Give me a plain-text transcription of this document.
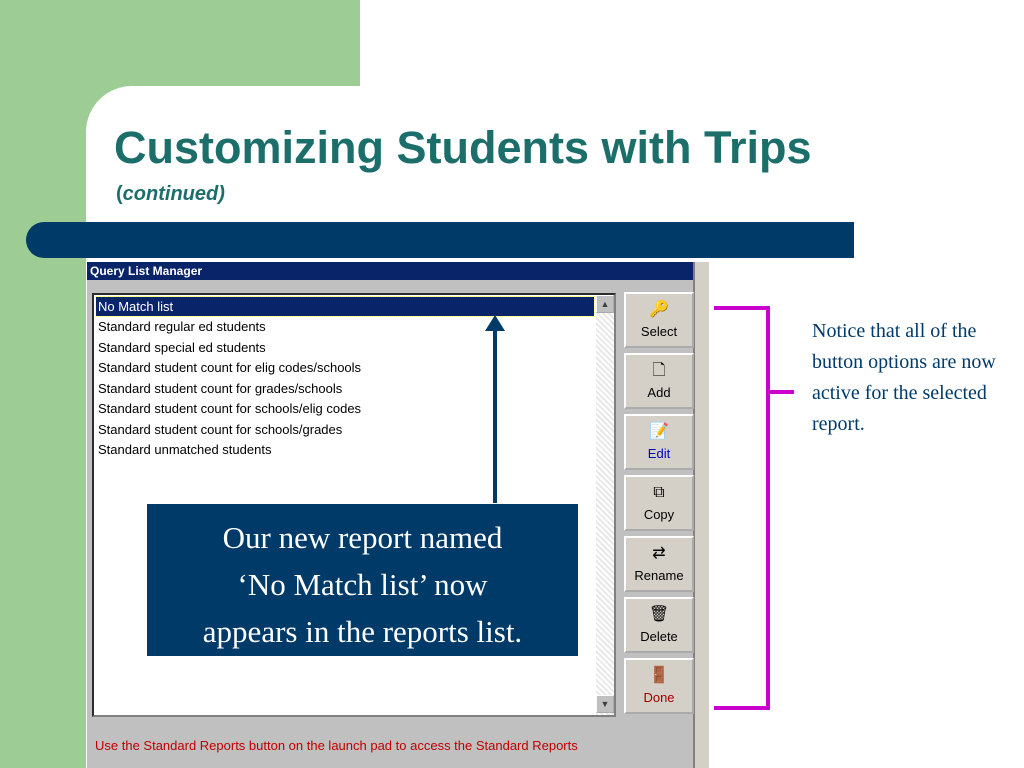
Customizing Students with Trips
(continued)
Query List Manager
No Match list
Standard regular ed students
Standard special ed students
Standard student count for elig codes/schools
Standard student count for grades/schools
Standard student count for schools/elig codes
Standard student count for schools/grades
Standard unmatched students
▲
▼
🔑
Select
🗋
Add
📝
Edit
⧉
Copy
⇄
Rename
🗑
Delete
🚪
Done
Use the Standard Reports button on the launch pad to access the Standard Reports
Our new report named
‘No Match list’ now
appears in the reports list.
Notice that all of the button options are now active for the selected report.
